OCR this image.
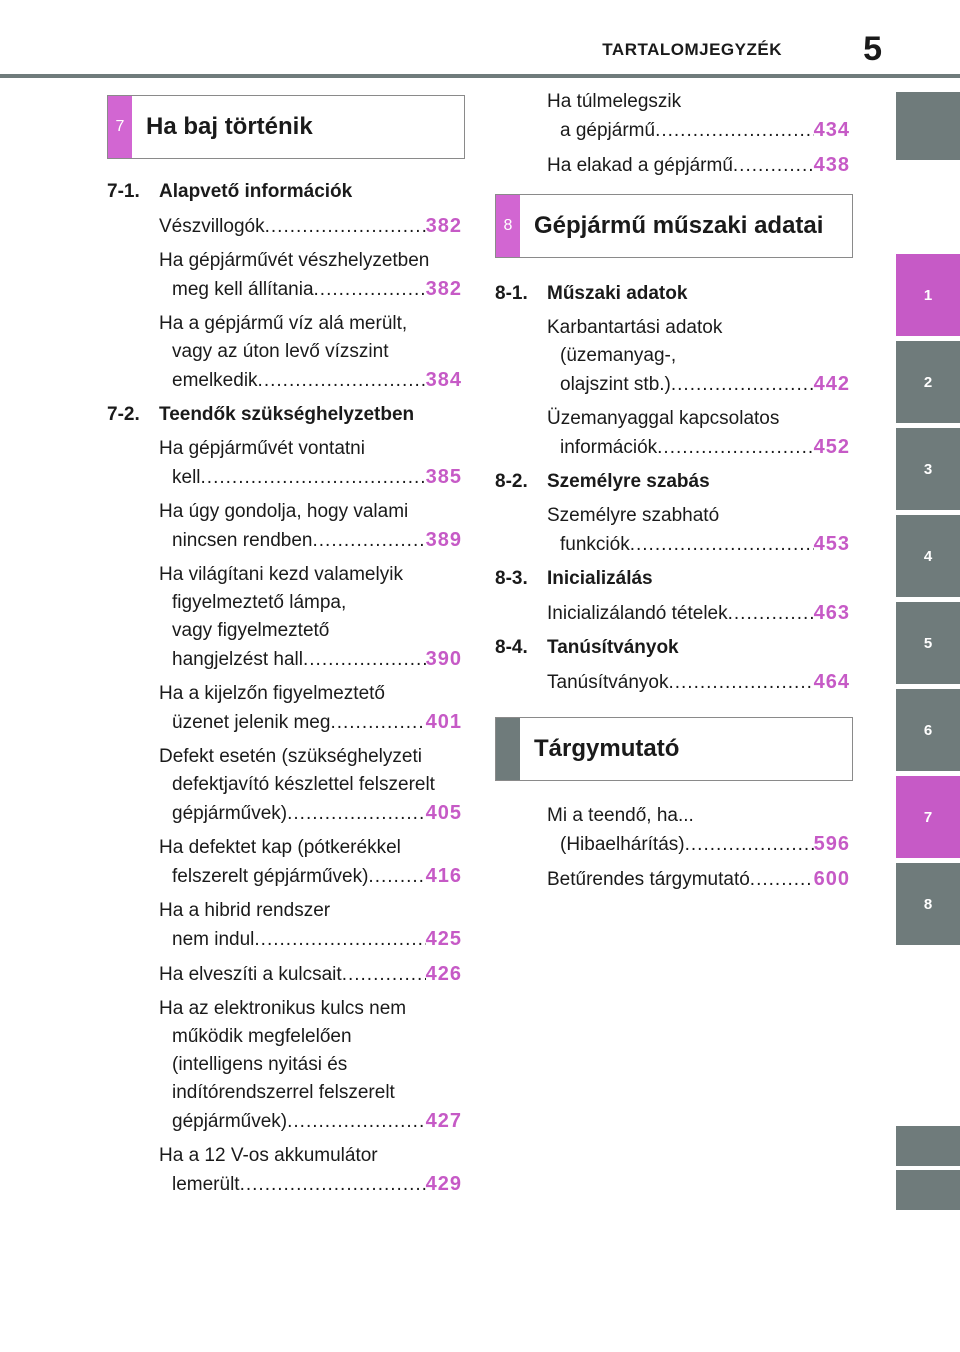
TARTALOMJEGYZÉK 5
1
2
3
4
5
6
7
8
7 Ha baj történik
7-1.	Alapvető információk
Vészvillogók .....	382
Ha gépjárművét vészhelyzetben
meg kell állítania .....	382
Ha a gépjármű víz alá merült,
vagy az úton levő vízszint
emelkedik .....	384
7-2.	Teendők szükséghelyzetben
Ha gépjárművét vontatni
kell .....	385
Ha úgy gondolja, hogy valami
nincsen rendben .....	389
Ha világítani kezd valamelyik
figyelmeztető lámpa,
vagy figyelmeztető
hangjelzést hall .....	390
Ha a kijelzőn figyelmeztető
üzenet jelenik meg .....	401
Defekt esetén (szükséghelyzeti
defektjavító készlettel felszerelt
gépjárművek) .....	405
Ha defektet kap (pótkerékkel
felszerelt gépjárművek) .....	416
Ha a hibrid rendszer
nem indul .....	425
Ha elveszíti a kulcsait .....	426
Ha az elektronikus kulcs nem
működik megfelelően
(intelligens nyitási és
indítórendszerrel felszerelt
gépjárművek) .....	427
Ha a 12 V-os akkumulátor
lemerült .....	429
Ha túlmelegszik
a gépjármű .....	434
Ha elakad a gépjármű .....	438
8 Gépjármű műszaki adatai
8-1.	Műszaki adatok
Karbantartási adatok
(üzemanyag-,
olajszint stb.) .....	442
Üzemanyaggal kapcsolatos
információk .....	452
8-2.	Személyre szabás
Személyre szabható
funkciók .....	453
8-3.	Inicializálás
Inicializálandó tételek .....	463
8-4.	Tanúsítványok
Tanúsítványok .....	464
Tárgymutató
Mi a teendő, ha...
(Hibaelhárítás) .....	596
Betűrendes tárgymutató .....	600
